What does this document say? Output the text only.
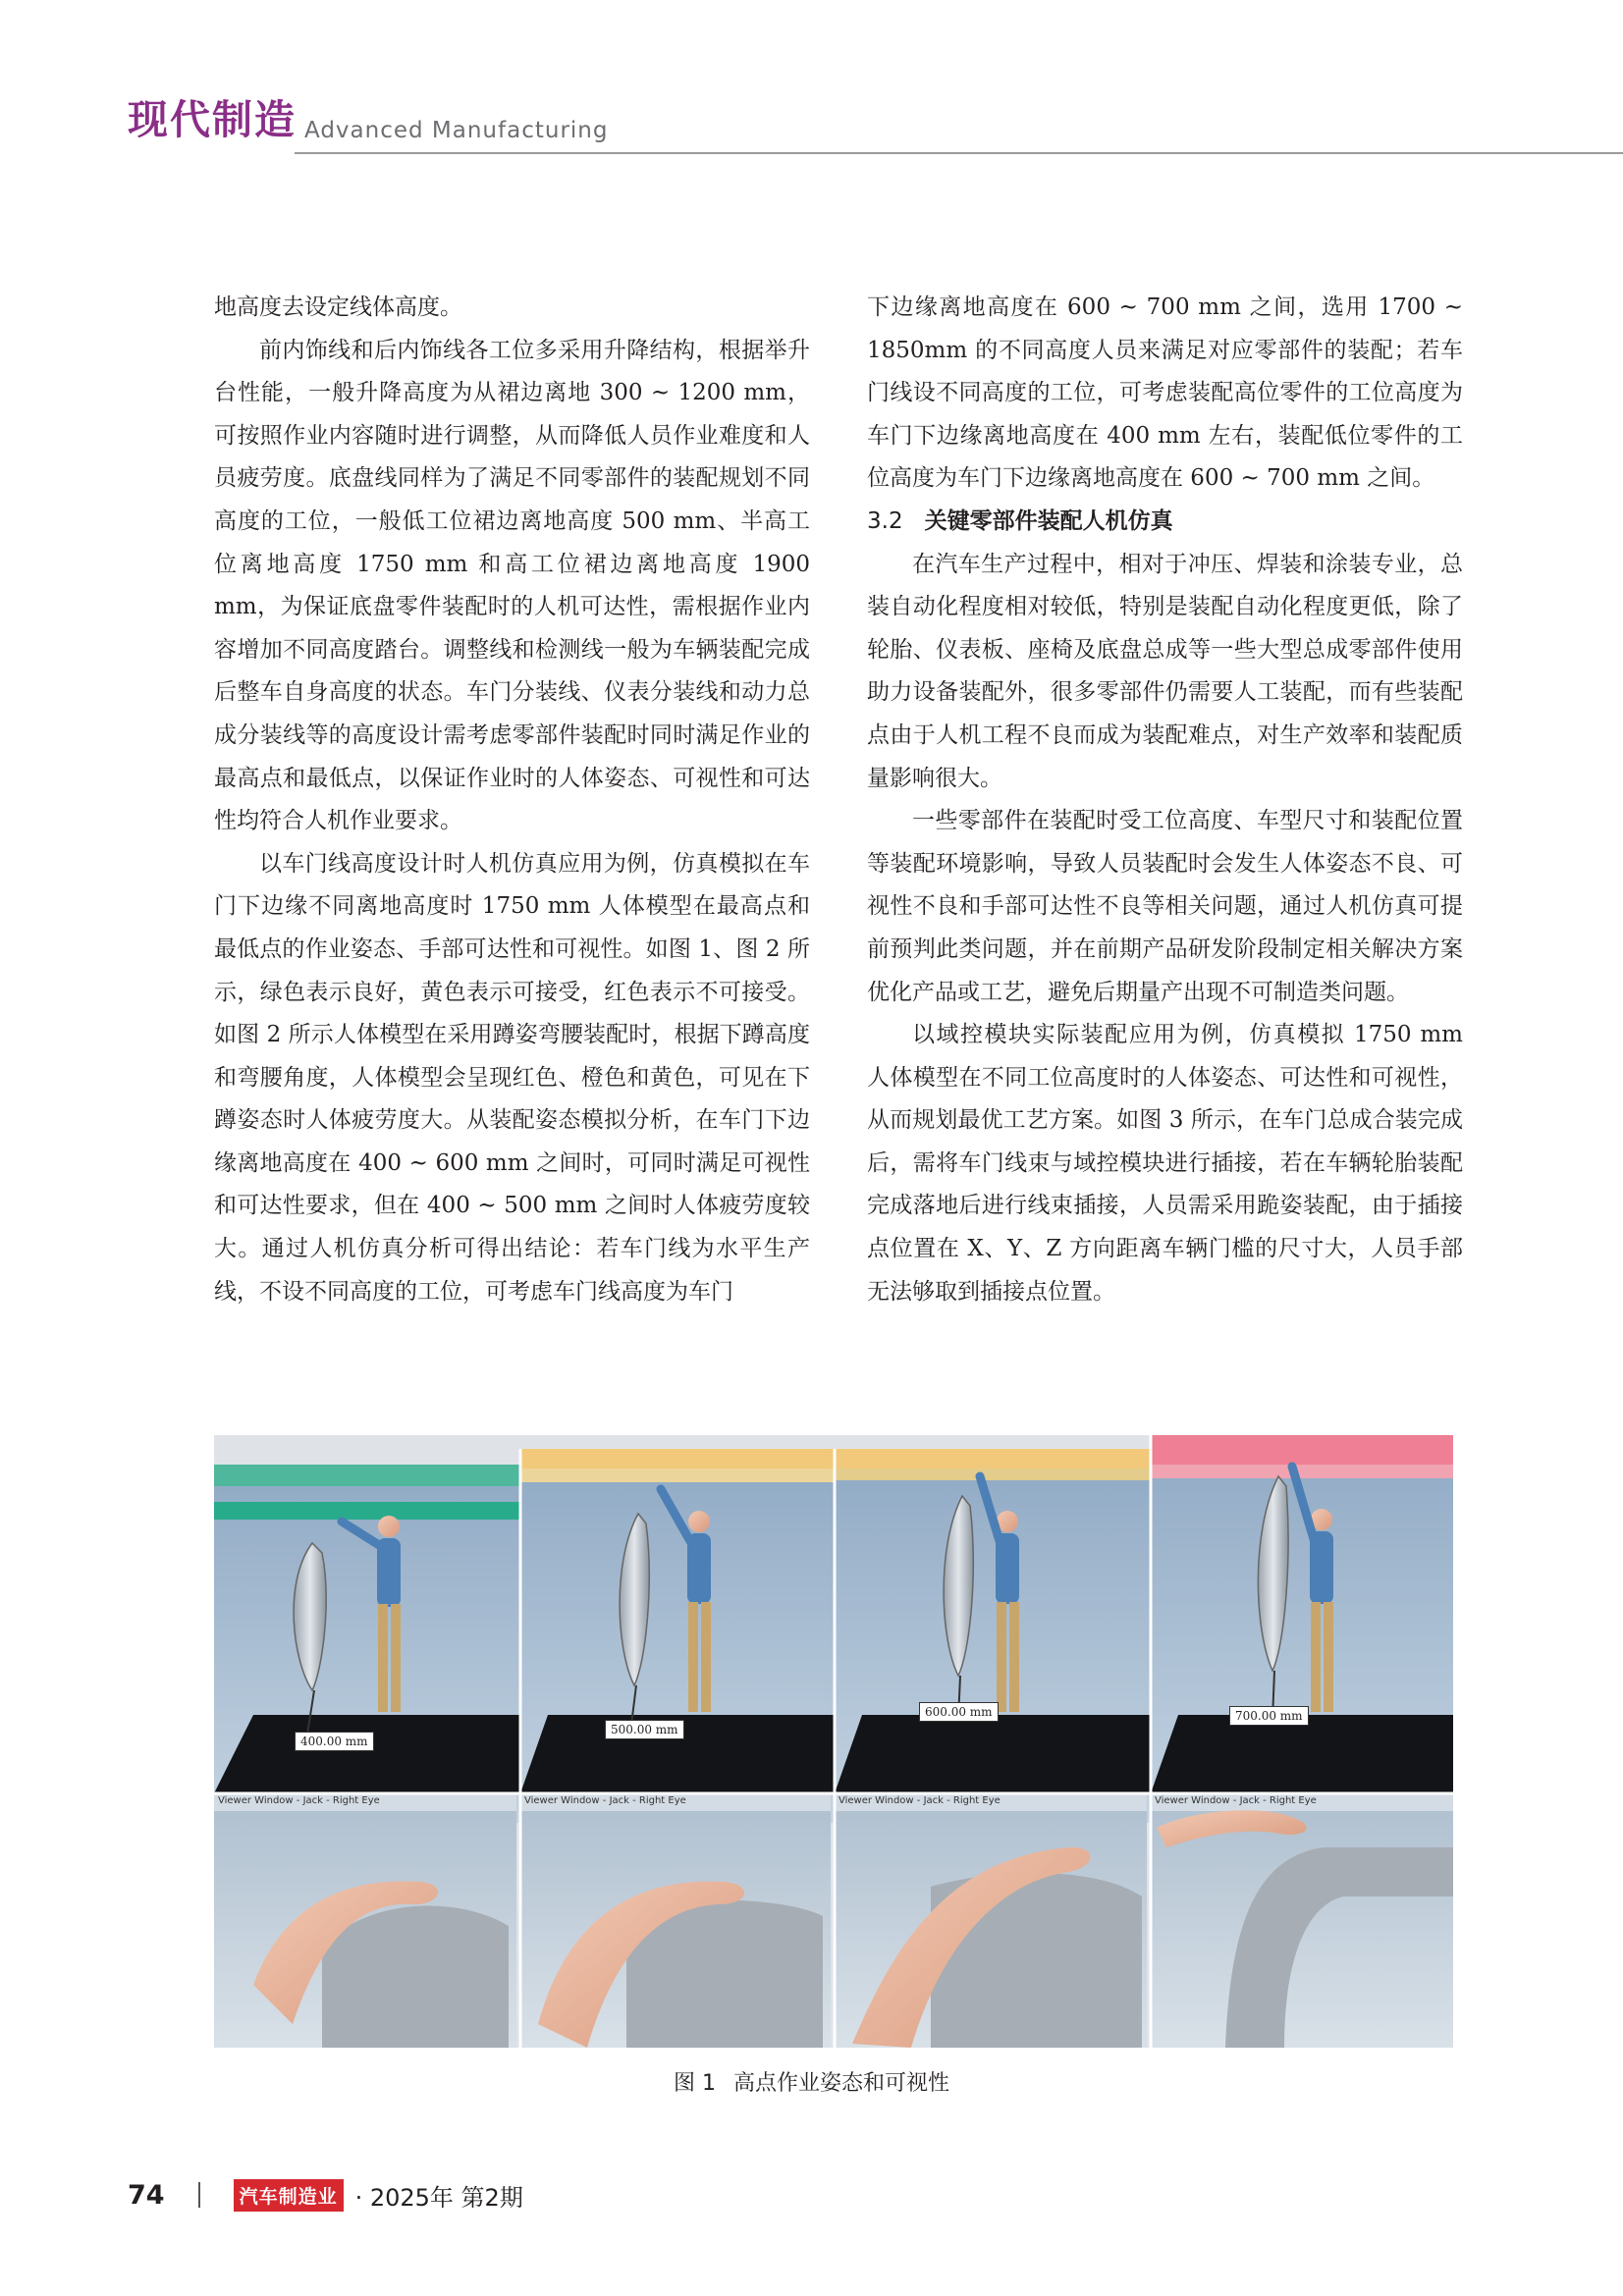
现代制造 Advanced Manufacturing

地高度去设定线体高度。

前内饰线和后内饰线各工位多采用升降结构，根据举升台性能，一般升降高度为从裙边离地 300 ~ 1200 mm，可按照作业内容随时进行调整，从而降低人员作业难度和人员疲劳度。底盘线同样为了满足不同零部件的装配规划不同高度的工位，一般低工位裙边离地高度 500 mm、半高工位离地高度 1750 mm 和高工位裙边离地高度 1900 mm，为保证底盘零件装配时的人机可达性，需根据作业内容增加不同高度踏台。调整线和检测线一般为车辆装配完成后整车自身高度的状态。车门分装线、仪表分装线和动力总成分装线等的高度设计需考虑零部件装配时同时满足作业的最高点和最低点，以保证作业时的人体姿态、可视性和可达性均符合人机作业要求。

以车门线高度设计时人机仿真应用为例，仿真模拟在车门下边缘不同离地高度时 1750 mm 人体模型在最高点和最低点的作业姿态、手部可达性和可视性。如图 1、图 2 所示，绿色表示良好，黄色表示可接受，红色表示不可接受。如图 2 所示人体模型在采用蹲姿弯腰装配时，根据下蹲高度和弯腰角度，人体模型会呈现红色、橙色和黄色，可见在下蹲姿态时人体疲劳度大。从装配姿态模拟分析，在车门下边缘离地高度在 400 ~ 600 mm 之间时，可同时满足可视性和可达性要求，但在 400 ~ 500 mm 之间时人体疲劳度较大。通过人机仿真分析可得出结论：若车门线为水平生产线，不设不同高度的工位，可考虑车门线高度为车门

下边缘离地高度在 600 ~ 700 mm 之间，选用 1700 ~ 1850mm 的不同高度人员来满足对应零部件的装配；若车门线设不同高度的工位，可考虑装配高位零件的工位高度为车门下边缘离地高度在 400 mm 左右，装配低位零件的工位高度为车门下边缘离地高度在 600 ~ 700 mm 之间。

3.2 关键零部件装配人机仿真

在汽车生产过程中，相对于冲压、焊装和涂装专业，总装自动化程度相对较低，特别是装配自动化程度更低，除了轮胎、仪表板、座椅及底盘总成等一些大型总成零部件使用助力设备装配外，很多零部件仍需要人工装配，而有些装配点由于人机工程不良而成为装配难点，对生产效率和装配质量影响很大。

一些零部件在装配时受工位高度、车型尺寸和装配位置等装配环境影响，导致人员装配时会发生人体姿态不良、可视性不良和手部可达性不良等相关问题，通过人机仿真可提前预判此类问题，并在前期产品研发阶段制定相关解决方案优化产品或工艺，避免后期量产出现不可制造类问题。

以域控模块实际装配应用为例，仿真模拟 1750 mm 人体模型在不同工位高度时的人体姿态、可达性和可视性，从而规划最优工艺方案。如图 3 所示，在车门总成合装完成后，需将车门线束与域控模块进行插接，若在车辆轮胎装配完成落地后进行线束插接，人员需采用跪姿装配，由于插接点位置在 X、Y、Z 方向距离车辆门槛的尺寸大，人员手部无法够取到插接点位置。

400.00 mm
500.00 mm
600.00 mm	700.00 mm
Viewer Window - Jack - Right Eye	Viewer Window - Jack - Right Eye	Viewer Window - Jack - Right Eye	Viewer Window - Jack - Right Eye
图 1 高点作业姿态和可视性
74	汽车制造业 · 2025年 第2期
